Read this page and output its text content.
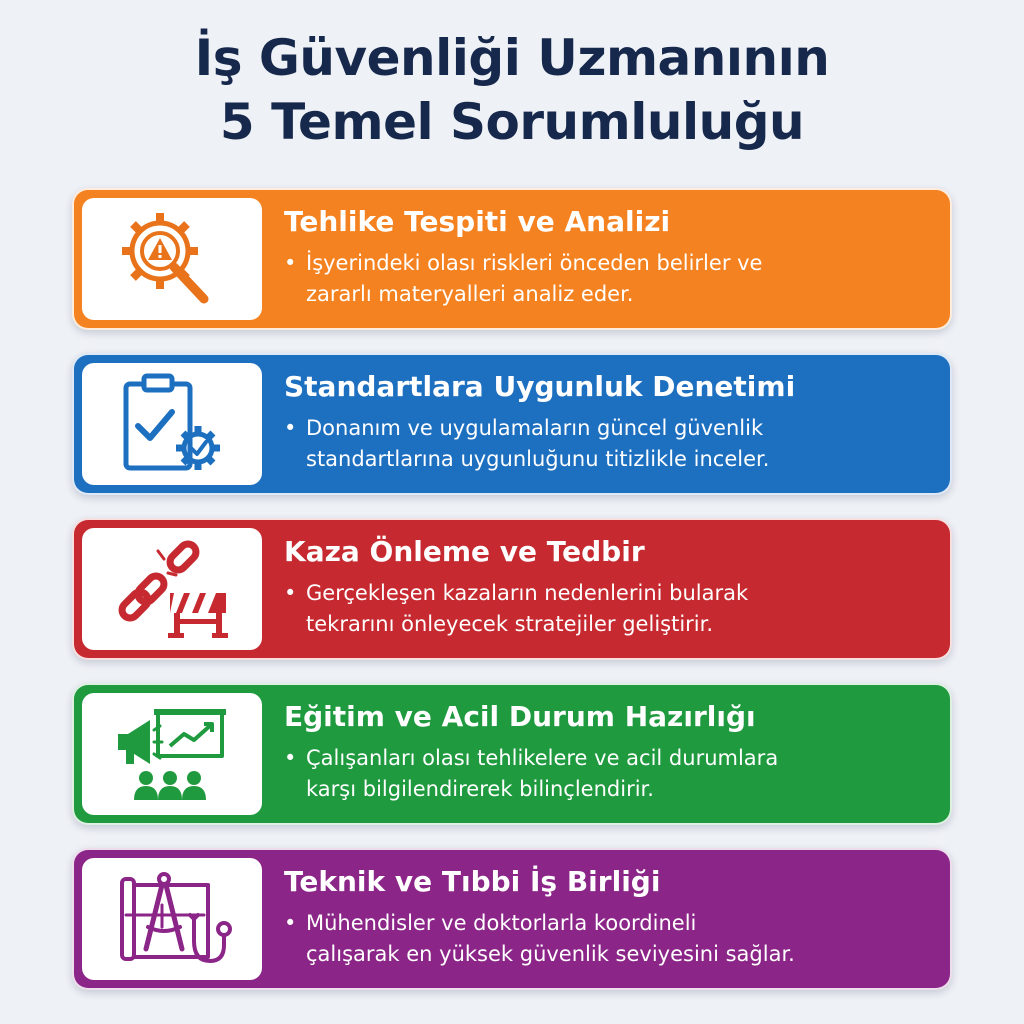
İş Güvenliği Uzmanının
5 Temel Sorumluluğu
Tehlike Tespiti ve Analizi
• İşyerindeki olası riskleri önceden belirler ve
zararlı materyalleri analiz eder.
Standartlara Uygunluk Denetimi
• Donanım ve uygulamaların güncel güvenlik
standartlarına uygunluğunu titizlikle inceler.
Kaza Önleme ve Tedbir
• Gerçekleşen kazaların nedenlerini bularak
tekrarını önleyecek stratejiler geliştirir.
Eğitim ve Acil Durum Hazırlığı
• Çalışanları olası tehlikelere ve acil durumlara
karşı bilgilendirerek bilinçlendirir.
Teknik ve Tıbbi İş Birliği
• Mühendisler ve doktorlarla koordineli
çalışarak en yüksek güvenlik seviyesini sağlar.
